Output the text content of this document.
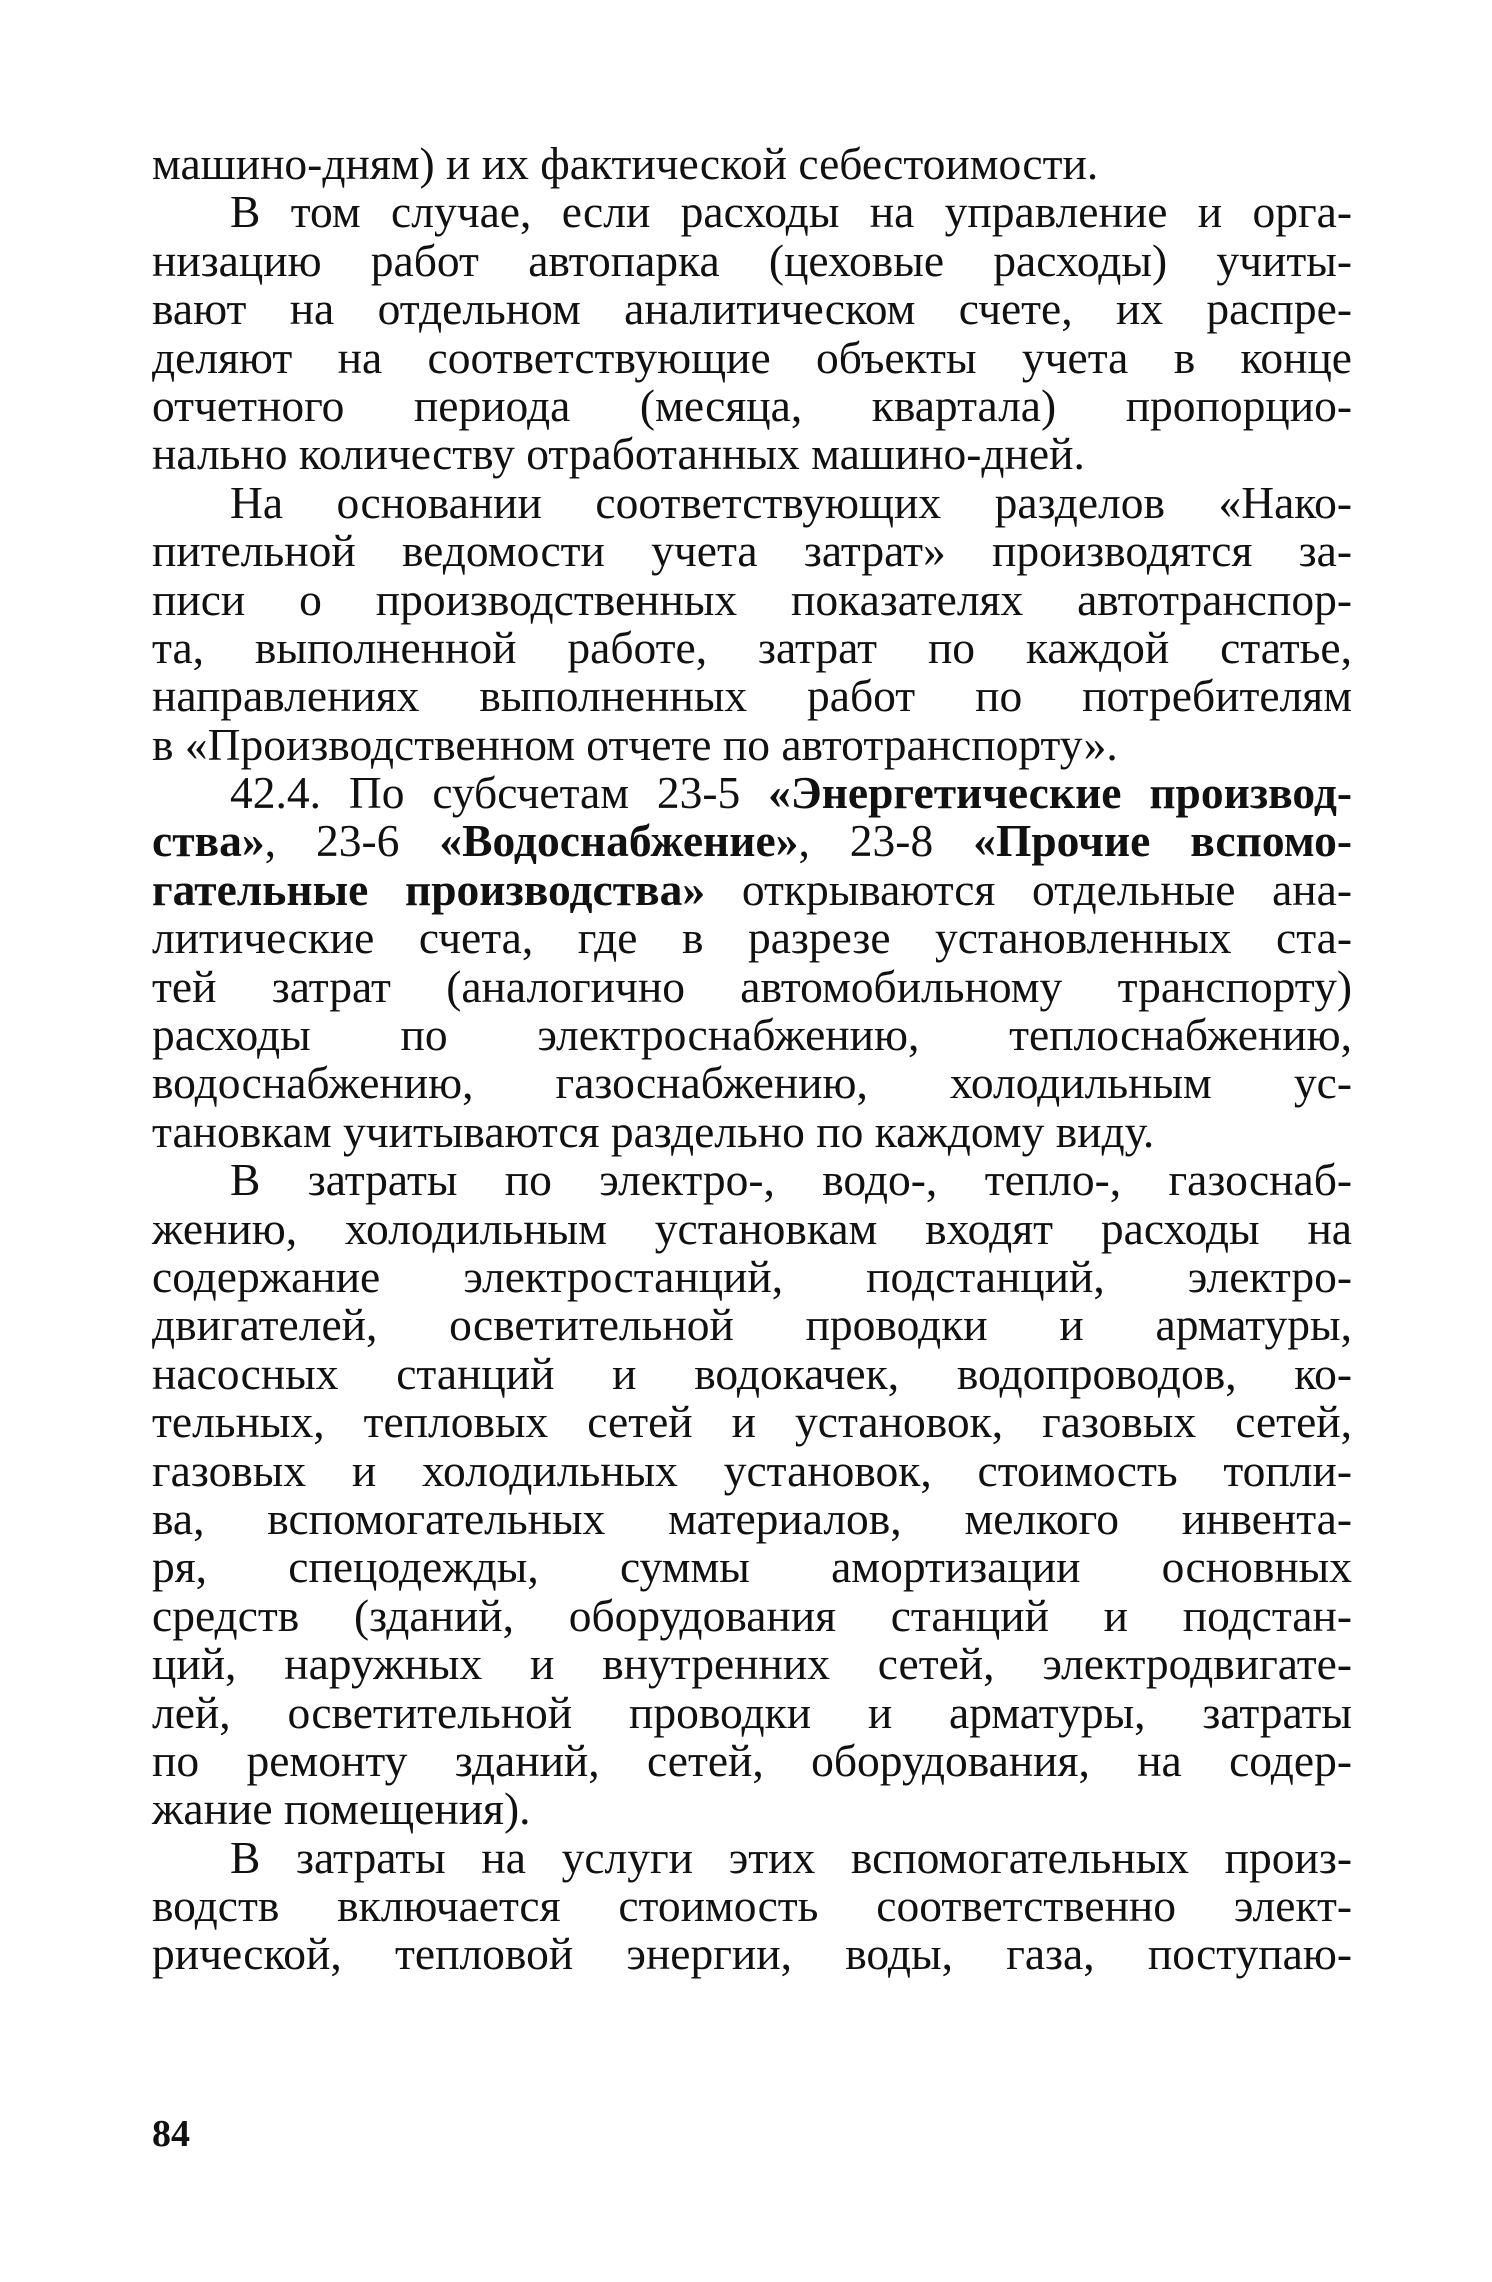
машино-дням) и их фактической себестоимости.
В том случае, если расходы на управление и орга-
низацию работ автопарка (цеховые расходы) учиты-
вают на отдельном аналитическом счете, их распре-
деляют на соответствующие объекты учета в конце
отчетного периода (месяца, квартала) пропорцио-
нально количеству отработанных машино-дней.
На основании соответствующих разделов «Нако-
пительной ведомости учета затрат» производятся за-
писи о производственных показателях автотранспор-
та, выполненной работе, затрат по каждой статье,
направлениях выполненных работ по потребителям
в «Производственном отчете по автотранспорту».
42.4. По субсчетам 23-5 «Энергетические производ-
ства», 23-6 «Водоснабжение», 23-8 «Прочие вспомо-
гательные производства» открываются отдельные ана-
литические счета, где в разрезе установленных ста-
тей затрат (аналогично автомобильному транспорту)
расходы по электроснабжению, теплоснабжению,
водоснабжению, газоснабжению, холодильным ус-
тановкам учитываются раздельно по каждому виду.
В затраты по электро-, водо-, тепло-, газоснаб-
жению, холодильным установкам входят расходы на
содержание электростанций, подстанций, электро-
двигателей, осветительной проводки и арматуры,
насосных станций и водокачек, водопроводов, ко-
тельных, тепловых сетей и установок, газовых сетей,
газовых и холодильных установок, стоимость топли-
ва, вспомогательных материалов, мелкого инвента-
ря, спецодежды, суммы амортизации основных
средств (зданий, оборудования станций и подстан-
ций, наружных и внутренних сетей, электродвигате-
лей, осветительной проводки и арматуры, затраты
по ремонту зданий, сетей, оборудования, на содер-
жание помещения).
В затраты на услуги этих вспомогательных произ-
водств включается стоимость соответственно элект-
рической, тепловой энергии, воды, газа, поступаю-
84
